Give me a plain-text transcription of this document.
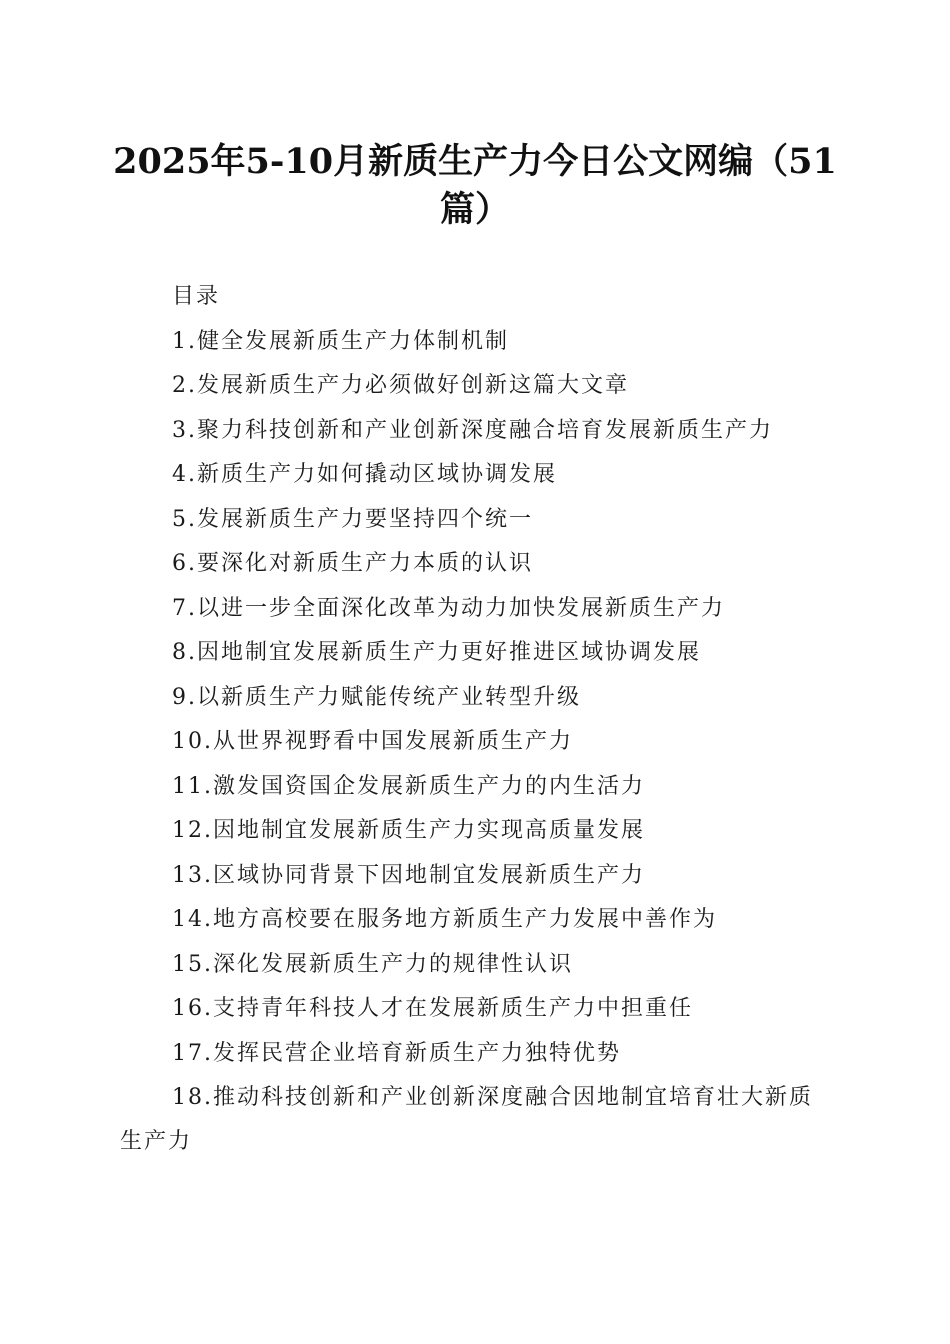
2025年5-10月新质生产力今日公文网编（51篇）
目录
1.健全发展新质生产力体制机制
2.发展新质生产力必须做好创新这篇大文章
3.聚力科技创新和产业创新深度融合培育发展新质生产力
4.新质生产力如何撬动区域协调发展
5.发展新质生产力要坚持四个统一
6.要深化对新质生产力本质的认识
7.以进一步全面深化改革为动力加快发展新质生产力
8.因地制宜发展新质生产力更好推进区域协调发展
9.以新质生产力赋能传统产业转型升级
10.从世界视野看中国发展新质生产力
11.激发国资国企发展新质生产力的内生活力
12.因地制宜发展新质生产力实现高质量发展
13.区域协同背景下因地制宜发展新质生产力
14.地方高校要在服务地方新质生产力发展中善作为
15.深化发展新质生产力的规律性认识
16.支持青年科技人才在发展新质生产力中担重任
17.发挥民营企业培育新质生产力独特优势
18.推动科技创新和产业创新深度融合因地制宜培育壮大新质生产力
